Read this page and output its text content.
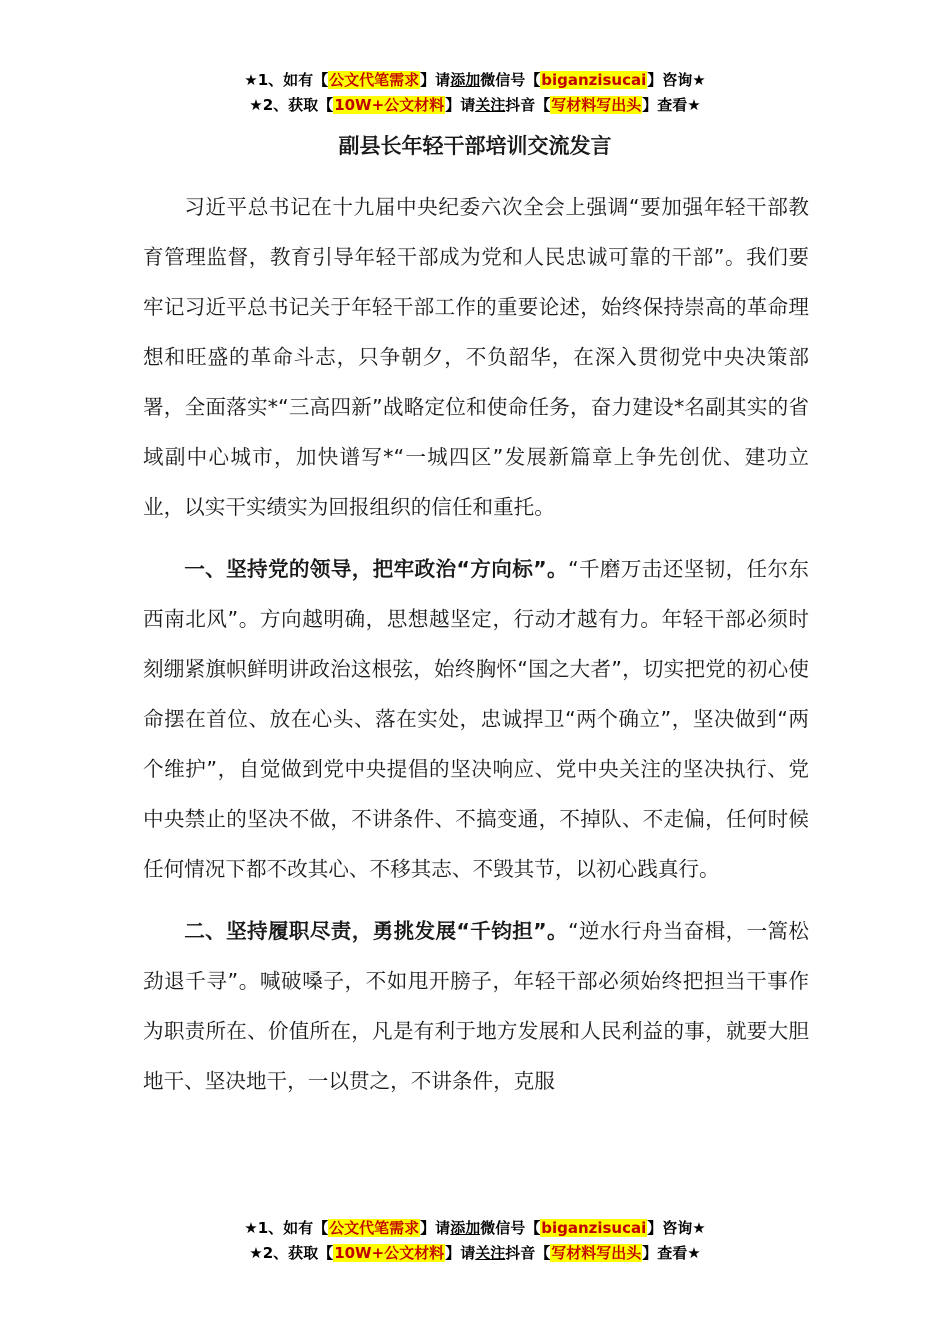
★1、如有【公文代笔需求】请添加微信号【biganzisucai】咨询★
★2、获取【10W+公文材料】请关注抖音【写材料写出头】查看★
副县长年轻干部培训交流发言

习近平总书记在十九届中央纪委六次全会上强调“要加强年轻干部教育管理监督，教育引导年轻干部成为党和人民忠诚可靠的干部”。我们要牢记习近平总书记关于年轻干部工作的重要论述，始终保持崇高的革命理想和旺盛的革命斗志，只争朝夕，不负韶华，在深入贯彻党中央决策部署，全面落实*“三高四新”战略定位和使命任务，奋力建设*名副其实的省域副中心城市，加快谱写*“一城四区”发展新篇章上争先创优、建功立业，以实干实绩实为回报组织的信任和重托。

一、坚持党的领导，把牢政治“方向标”。“千磨万击还坚韧，任尔东西南北风”。方向越明确，思想越坚定，行动才越有力。年轻干部必须时刻绷紧旗帜鲜明讲政治这根弦，始终胸怀“国之大者”，切实把党的初心使命摆在首位、放在心头、落在实处，忠诚捍卫“两个确立”，坚决做到“两个维护”，自觉做到党中央提倡的坚决响应、党中央关注的坚决执行、党中央禁止的坚决不做，不讲条件、不搞变通，不掉队、不走偏，任何时候任何情况下都不改其心、不移其志、不毁其节，以初心践真行。

二、坚持履职尽责，勇挑发展“千钧担”。“逆水行舟当奋楫，一篙松劲退千寻”。喊破嗓子，不如甩开膀子，年轻干部必须始终把担当干事作为职责所在、价值所在，凡是有利于地方发展和人民利益的事，就要大胆地干、坚决地干，一以贯之，不讲条件，克服

★1、如有【公文代笔需求】请添加微信号【biganzisucai】咨询★
★2、获取【10W+公文材料】请关注抖音【写材料写出头】查看★
